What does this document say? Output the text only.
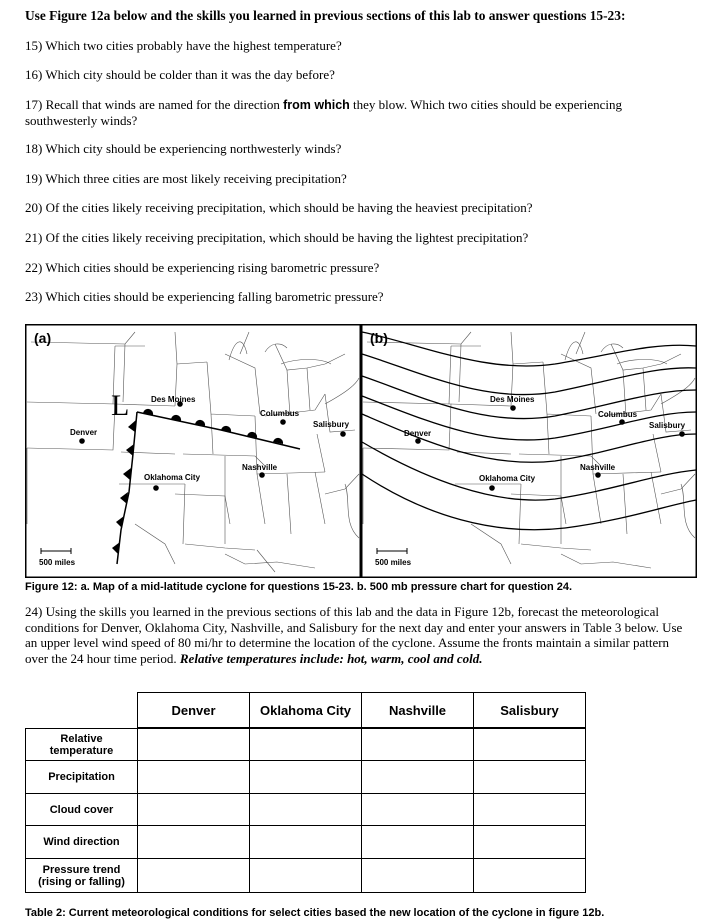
Use Figure 12a below and the skills you learned in previous sections of this lab to answer questions 15-23:
15) Which two cities probably have the highest temperature?
16) Which city should be colder than it was the day before?
17) Recall that winds are named for the direction from which they blow. Which two cities should be experiencing southwesterly winds?
18) Which city should be experiencing northwesterly winds?
19) Which three cities are most likely receiving precipitation?
20) Of the cities likely receiving precipitation, which should be having the heaviest precipitation?
21) Of the cities likely receiving precipitation, which should be having the lightest precipitation?
22) Which cities should be experiencing rising barometric pressure?
23) Which cities should be experiencing falling barometric pressure?
(a)
L
Denver
Des Moines
Columbus
Salisbury
Nashville
Oklahoma City
500 miles
(b)
Denver
Des Moines
Columbus
Salisbury
Nashville
Oklahoma City
500 miles
Figure 12: a. Map of a mid-latitude cyclone for questions 15-23. b. 500 mb pressure chart for question 24.
24) Using the skills you learned in the previous sections of this lab and the data in Figure 12b, forecast the meteorological conditions for Denver, Oklahoma City, Nashville, and Salisbury for the next day and enter your answers in Table 3 below. Use an upper level wind speed of 80 mi/hr to determine the location of the cyclone. Assume the fronts maintain a similar pattern over the 24 hour time period. Relative temperatures include: hot, warm, cool and cold.
	Denver	Oklahoma City	Nashville	Salisbury

Relative
temperature				
Precipitation				
Cloud cover				
Wind direction				
Pressure trend
(rising or falling)				
Table 2: Current meteorological conditions for select cities based the new location of the cyclone in figure 12b.
